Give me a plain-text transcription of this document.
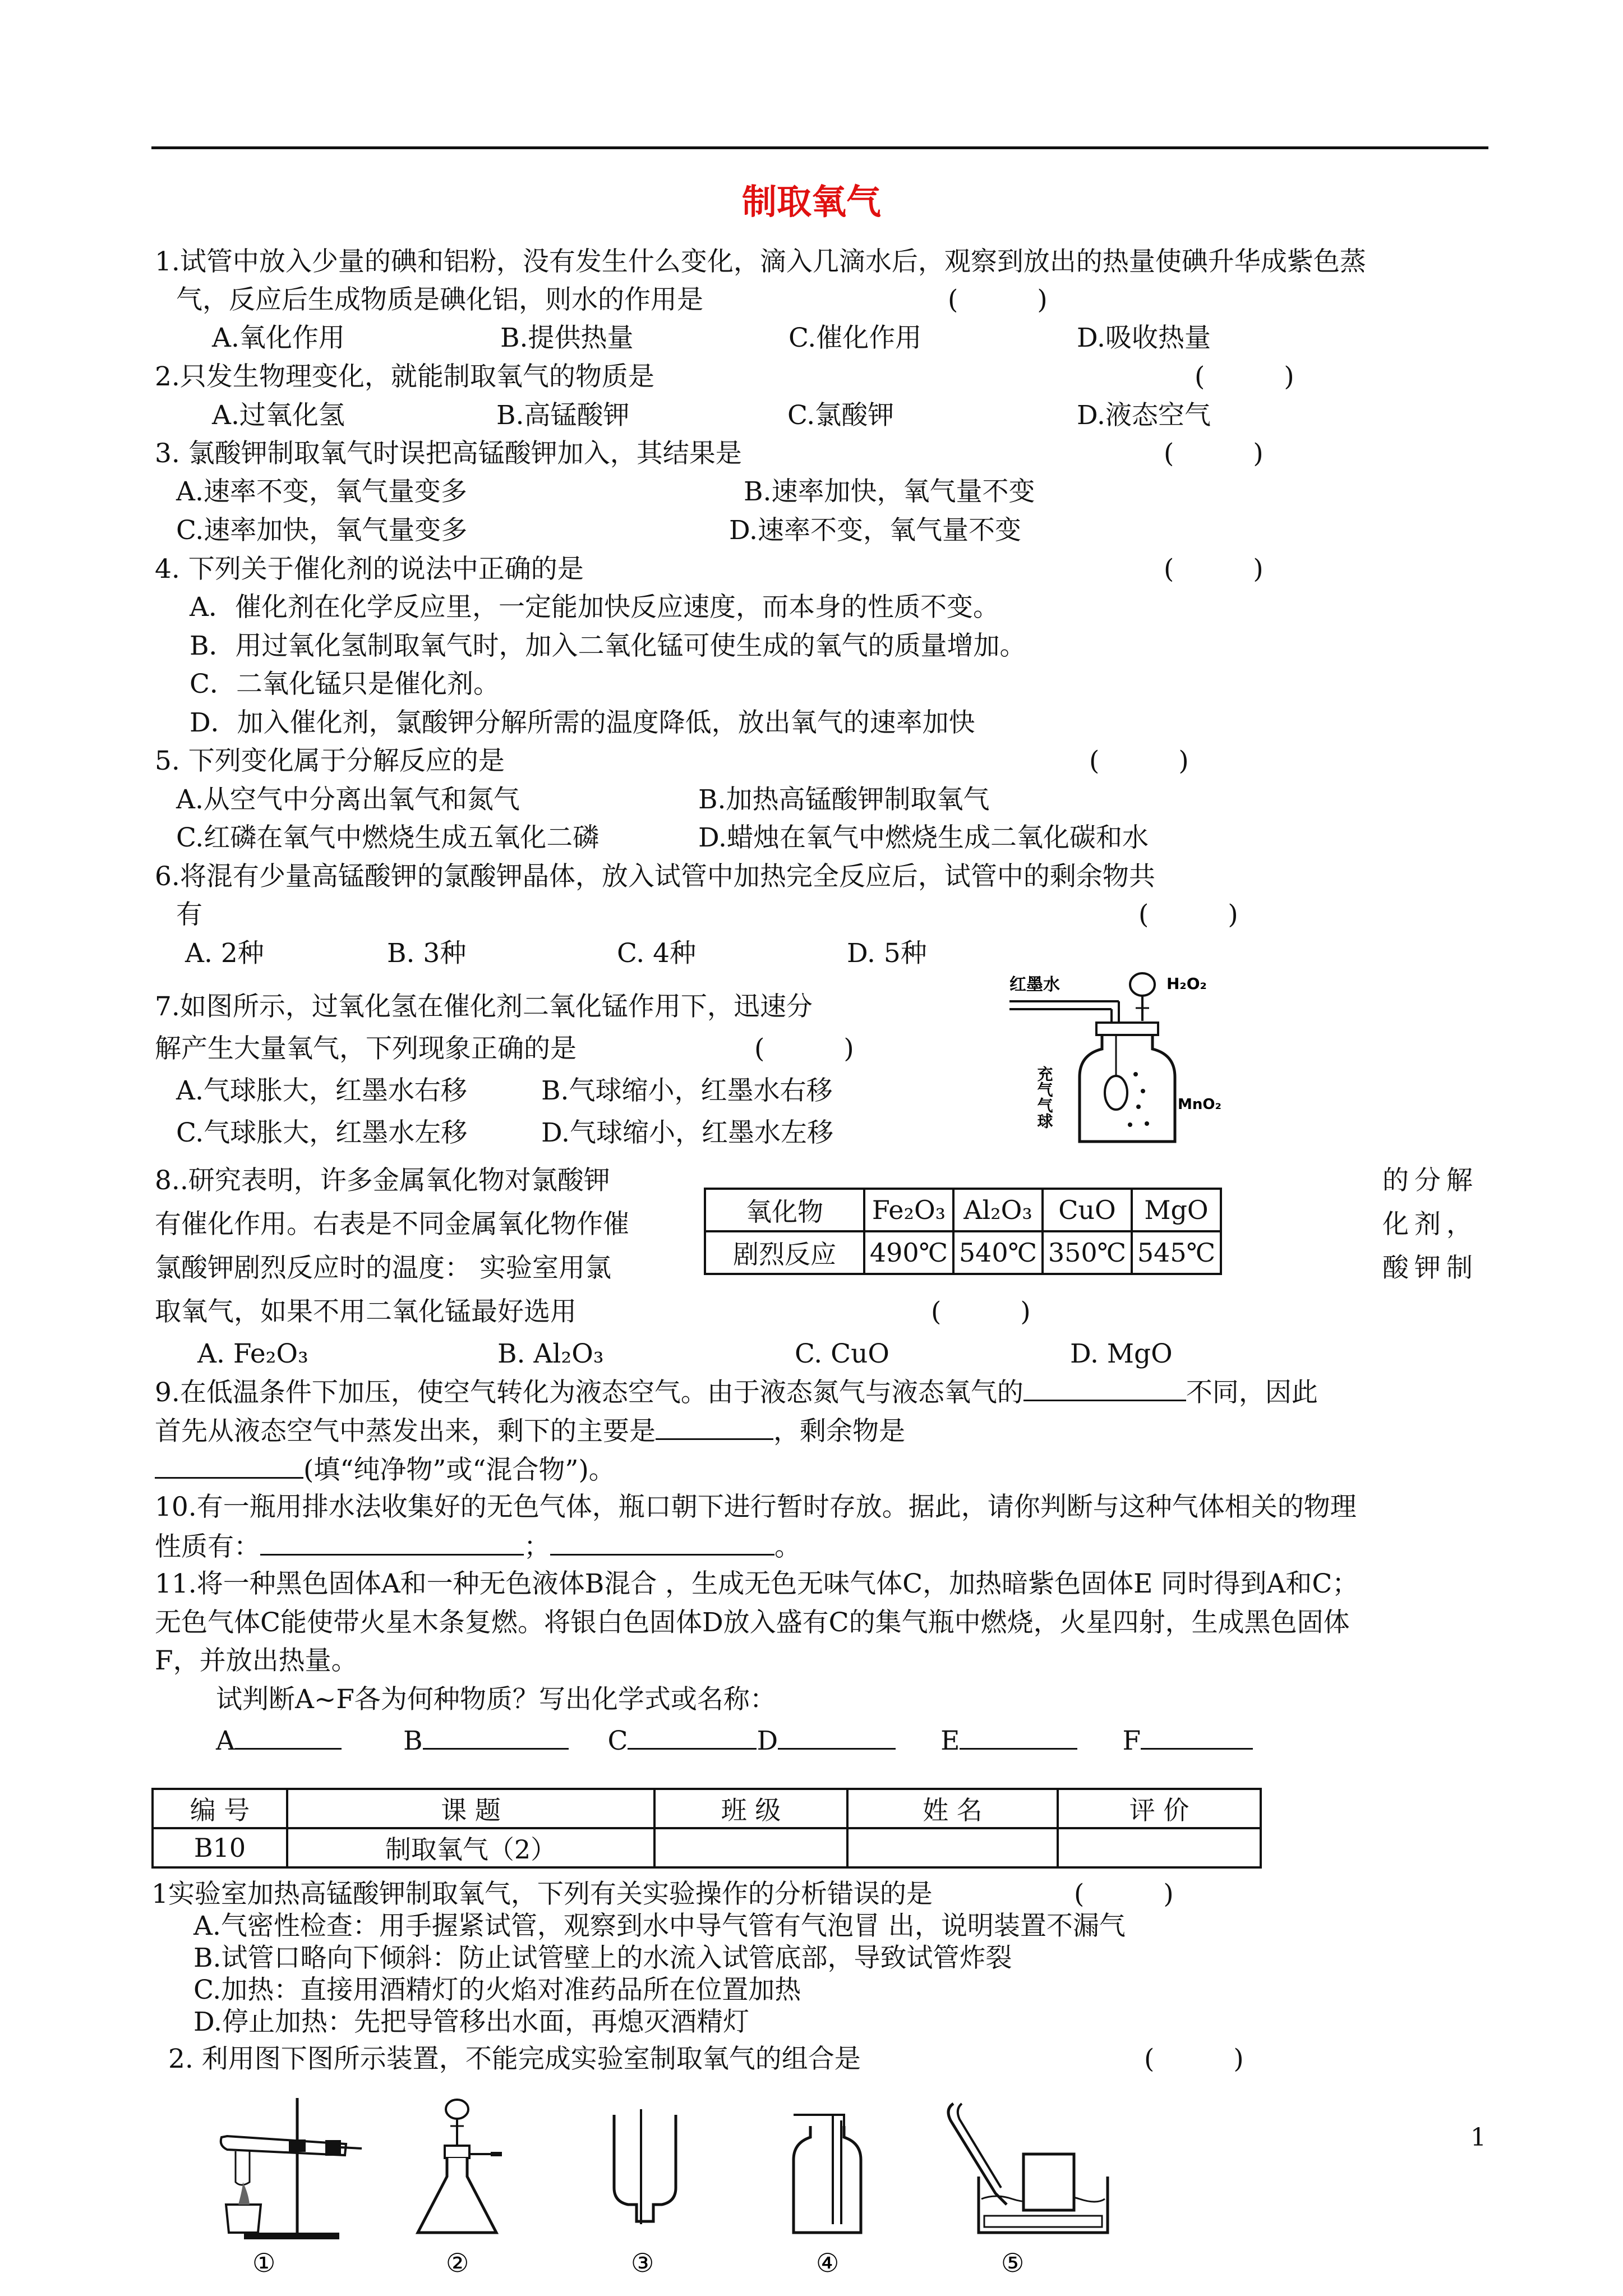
制取氧气
1.试管中放入少量的碘和铝粉，没有发生什么变化，滴入几滴水后，观察到放出的热量使碘升华成紫色蒸
气，反应后生成物质是碘化铝，则水的作用是	(　　　)
A.氧化作用	B.提供热量	C.催化作用	D.吸收热量
2.只发生物理变化，就能制取氧气的物质是	(　　　)
A.过氧化氢	B.高锰酸钾	C.氯酸钾	D.液态空气
3. 氯酸钾制取氧气时误把高锰酸钾加入，其结果是	(　　　)
A.速率不变，氧气量变多	B.速率加快，氧气量不变
C.速率加快，氧气量变多	D.速率不变，氧气量不变
4. 下列关于催化剂的说法中正确的是	(　　　)
A．催化剂在化学反应里，一定能加快反应速度，而本身的性质不变。
B．用过氧化氢制取氧气时，加入二氧化锰可使生成的氧气的质量增加。
C．二氧化锰只是催化剂。
D．加入催化剂，氯酸钾分解所需的温度降低，放出氧气的速率加快
5. 下列变化属于分解反应的是	(　　　)
A.从空气中分离出氧气和氮气	B.加热高锰酸钾制取氧气
C.红磷在氧气中燃烧生成五氧化二磷	D.蜡烛在氧气中燃烧生成二氧化碳和水
6.将混有少量高锰酸钾的氯酸钾晶体，放入试管中加热完全反应后，试管中的剩余物共
有	(　　　)
A. 2种	B. 3种	C. 4种	D. 5种
7.如图所示，过氧化氢在催化剂二氧化锰作用下，迅速分
解产生大量氧气，下列现象正确的是	(　　　)
A.气球胀大，红墨水右移	B.气球缩小，红墨水右移
C.气球胀大，红墨水左移	D.气球缩小，红墨水左移
红墨水	H₂O₂
充气气球	MnO₂
8..研究表明，许多金属氧化物对氯酸钾	的分解
有催化作用。右表是不同金属氧化物作催	化剂，
氯酸钾剧烈反应时的温度： 实验室用氯	酸钾制
取氧气，如果不用二氧化锰最好选用	(　　　)
氧化物	Fe₂O₃	Al₂O₃	CuO	MgO
剧烈反应	490℃	540℃	350℃	545℃
A. Fe₂O₃	B. Al₂O₃	C. CuO	D. MgO
9.在低温条件下加压，使空气转化为液态空气。由于液态氮气与液态氧气的	不同，因此
首先从液态空气中蒸发出来，剩下的主要是	，剩余物是
(填“纯净物”或“混合物”)。
10.有一瓶用排水法收集好的无色气体，瓶口朝下进行暂时存放。据此，请你判断与这种气体相关的物理
性质有：	；	。
11.将一种黑色固体A和一种无色液体B混合 ，生成无色无味气体C，加热暗紫色固体E 同时得到A和C；
无色气体C能使带火星木条复燃。将银白色固体D放入盛有C的集气瓶中燃烧，火星四射，生成黑色固体
F，并放出热量。
试判断A~F各为何种物质？写出化学式或名称：
A	B	C	D	E	F
编 号	课 题	班 级	姓 名	评 价
B10	制取氧气（2）			
1实验室加热高锰酸钾制取氧气，下列有关实验操作的分析错误的是	(　　　)
A.气密性检查：用手握紧试管，观察到水中导气管有气泡冒 出，说明装置不漏气
B.试管口略向下倾斜：防止试管壁上的水流入试管底部，导致试管炸裂
C.加热：直接用酒精灯的火焰对准药品所在位置加热
D.停止加热：先把导管移出水面，再熄灭酒精灯
2. 利用图下图所示装置，不能完成实验室制取氧气的组合是	(　　　)
①	②	③	④	⑤
1
